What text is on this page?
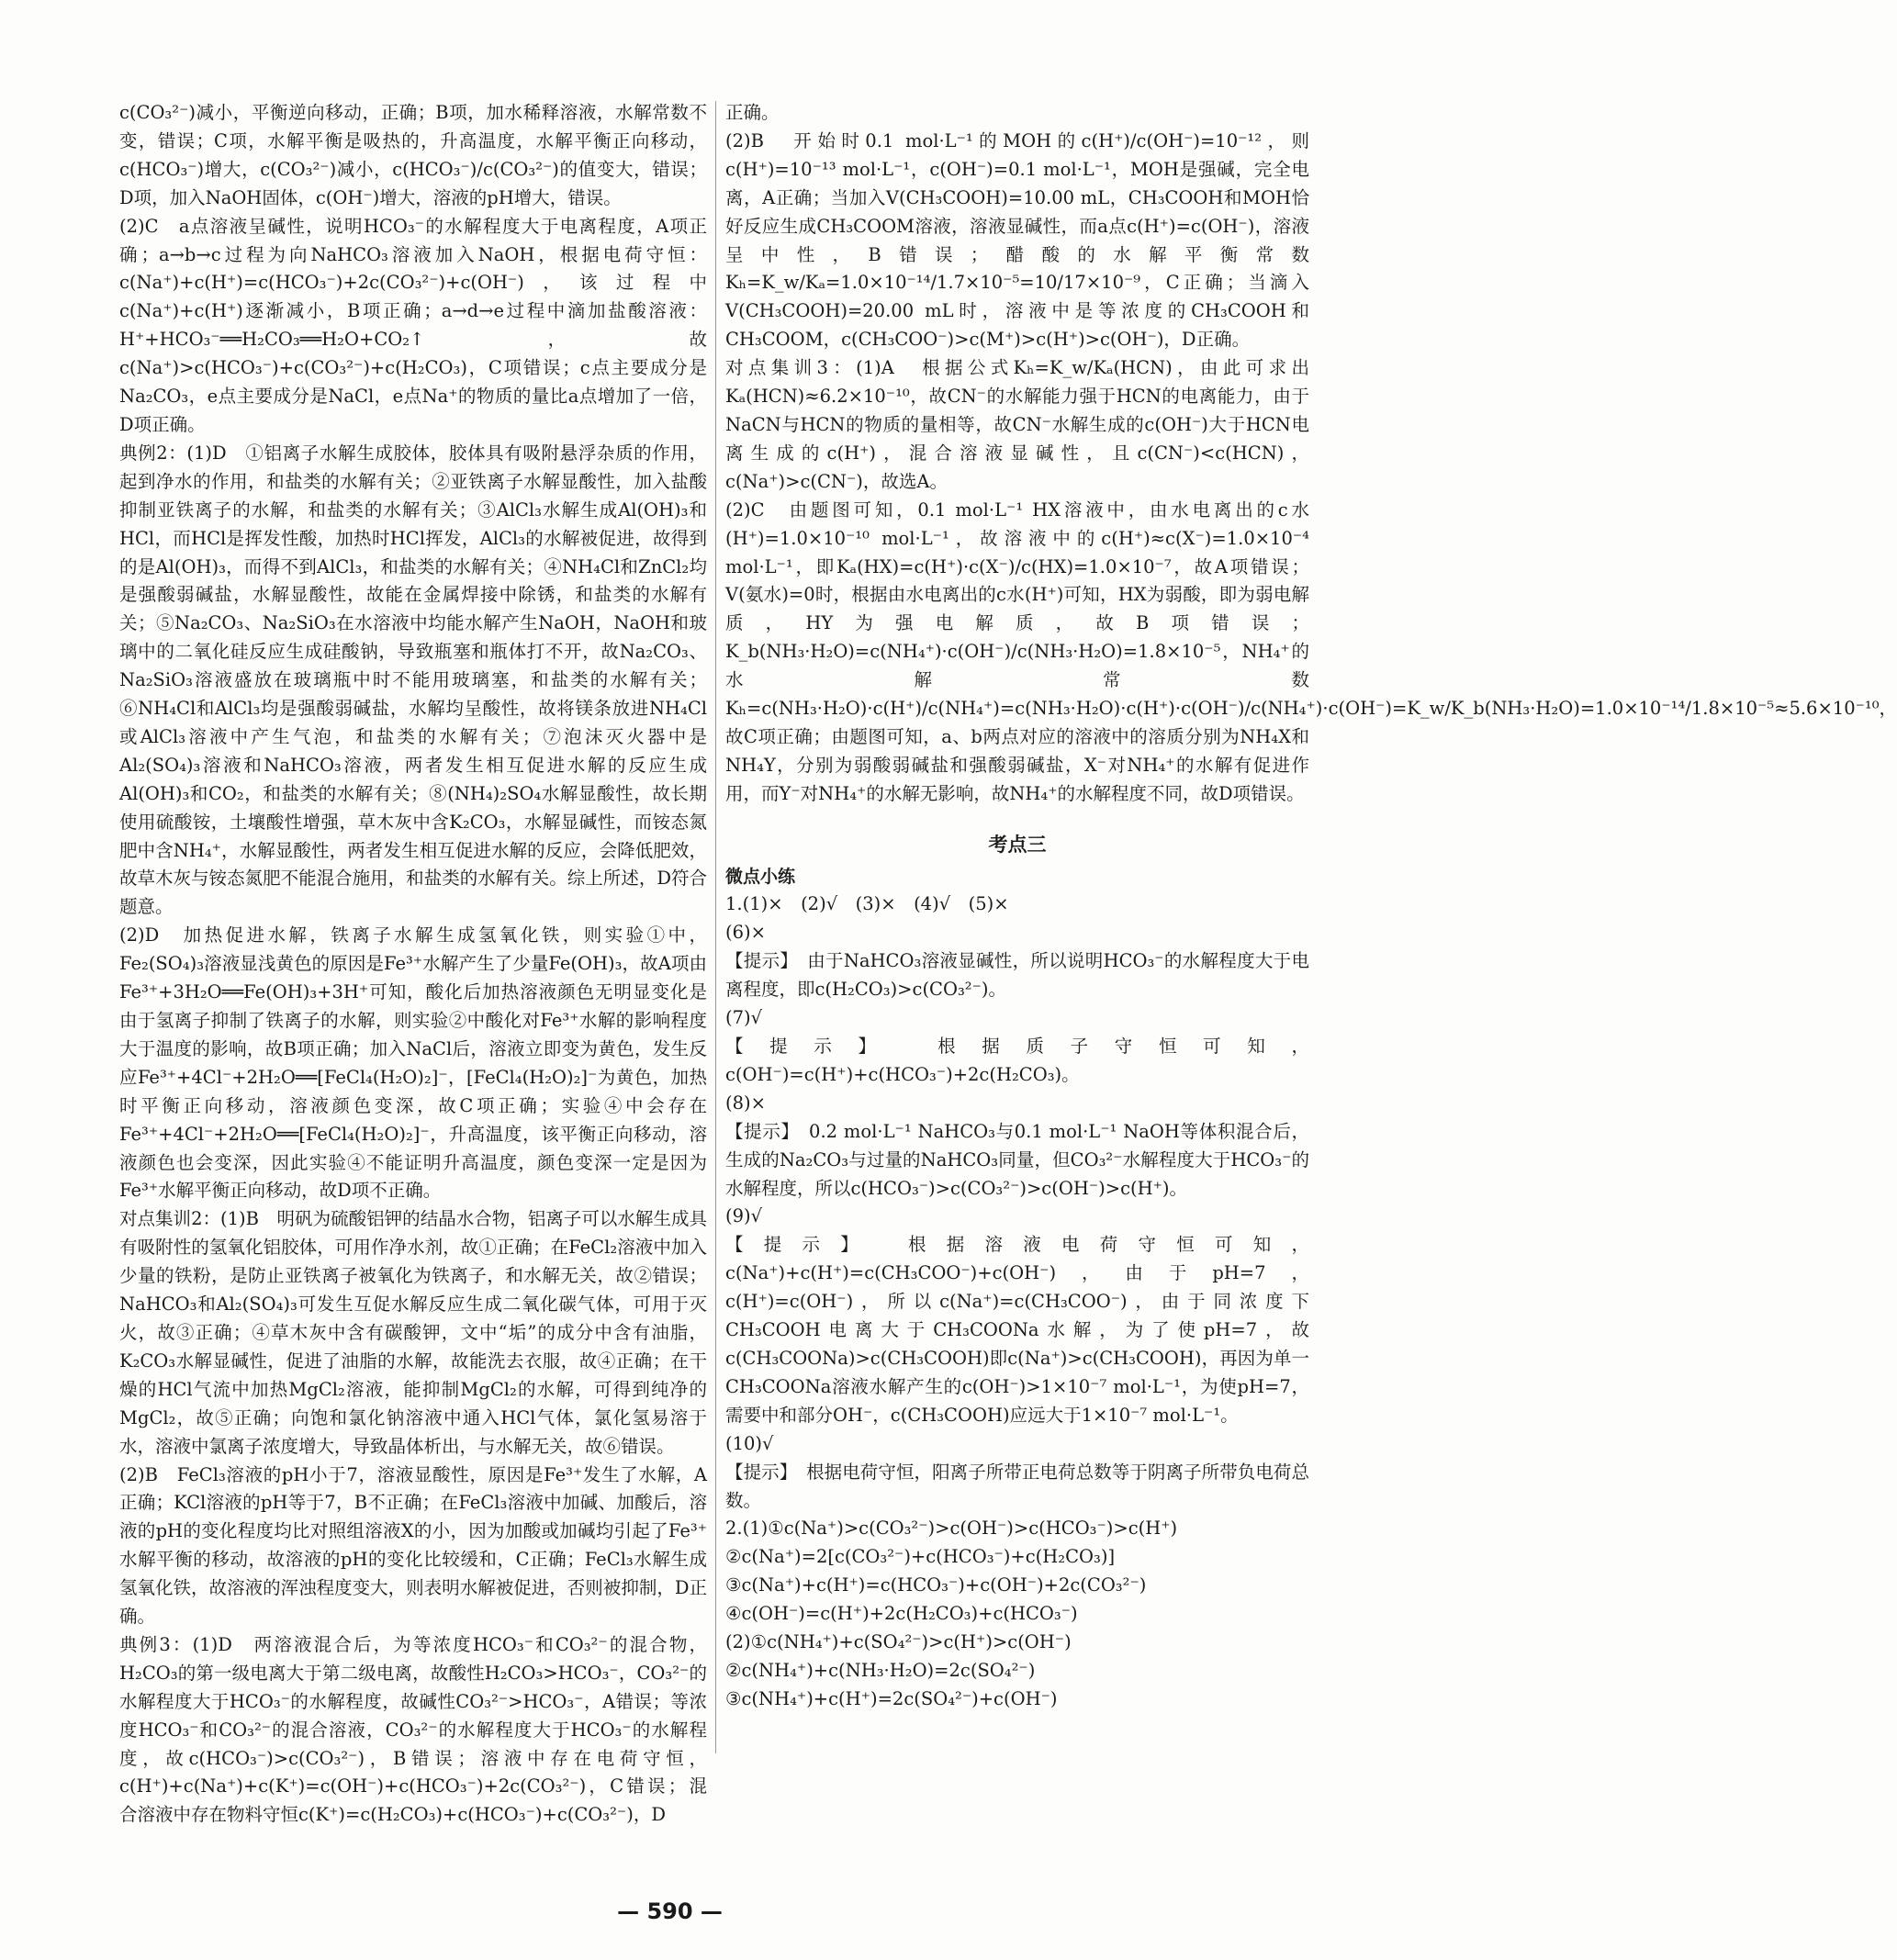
c(CO₃²⁻)减小，平衡逆向移动，正确；B项，加水稀释溶液，水解常数不变，错误；C项，水解平衡是吸热的，升高温度，水解平衡正向移动，c(HCO₃⁻)增大，c(CO₃²⁻)减小，c(HCO₃⁻)/c(CO₃²⁻)的值变大，错误；D项，加入NaOH固体，c(OH⁻)增大，溶液的pH增大，错误。

(2)C　a点溶液呈碱性，说明HCO₃⁻的水解程度大于电离程度，A项正确；a→b→c过程为向NaHCO₃溶液加入NaOH，根据电荷守恒：c(Na⁺)+c(H⁺)=c(HCO₃⁻)+2c(CO₃²⁻)+c(OH⁻)，该过程中c(Na⁺)+c(H⁺)逐渐减小，B项正确；a→d→e过程中滴加盐酸溶液：H⁺+HCO₃⁻══H₂CO₃══H₂O+CO₂↑，故c(Na⁺)>c(HCO₃⁻)+c(CO₃²⁻)+c(H₂CO₃)，C项错误；c点主要成分是Na₂CO₃，e点主要成分是NaCl，e点Na⁺的物质的量比a点增加了一倍，D项正确。

典例2：(1)D　①铝离子水解生成胶体，胶体具有吸附悬浮杂质的作用，起到净水的作用，和盐类的水解有关；②亚铁离子水解显酸性，加入盐酸抑制亚铁离子的水解，和盐类的水解有关；③AlCl₃水解生成Al(OH)₃和HCl，而HCl是挥发性酸，加热时HCl挥发，AlCl₃的水解被促进，故得到的是Al(OH)₃，而得不到AlCl₃，和盐类的水解有关；④NH₄Cl和ZnCl₂均是强酸弱碱盐，水解显酸性，故能在金属焊接中除锈，和盐类的水解有关；⑤Na₂CO₃、Na₂SiO₃在水溶液中均能水解产生NaOH，NaOH和玻璃中的二氧化硅反应生成硅酸钠，导致瓶塞和瓶体打不开，故Na₂CO₃、Na₂SiO₃溶液盛放在玻璃瓶中时不能用玻璃塞，和盐类的水解有关；⑥NH₄Cl和AlCl₃均是强酸弱碱盐，水解均呈酸性，故将镁条放进NH₄Cl或AlCl₃溶液中产生气泡，和盐类的水解有关；⑦泡沫灭火器中是Al₂(SO₄)₃溶液和NaHCO₃溶液，两者发生相互促进水解的反应生成Al(OH)₃和CO₂，和盐类的水解有关；⑧(NH₄)₂SO₄水解显酸性，故长期使用硫酸铵，土壤酸性增强，草木灰中含K₂CO₃，水解显碱性，而铵态氮肥中含NH₄⁺，水解显酸性，两者发生相互促进水解的反应，会降低肥效，故草木灰与铵态氮肥不能混合施用，和盐类的水解有关。综上所述，D符合题意。

(2)D　加热促进水解，铁离子水解生成氢氧化铁，则实验①中，Fe₂(SO₄)₃溶液显浅黄色的原因是Fe³⁺水解产生了少量Fe(OH)₃，故A项由Fe³⁺+3H₂O══Fe(OH)₃+3H⁺可知，酸化后加热溶液颜色无明显变化是由于氢离子抑制了铁离子的水解，则实验②中酸化对Fe³⁺水解的影响程度大于温度的影响，故B项正确；加入NaCl后，溶液立即变为黄色，发生反应Fe³⁺+4Cl⁻+2H₂O══[FeCl₄(H₂O)₂]⁻，[FeCl₄(H₂O)₂]⁻为黄色，加热时平衡正向移动，溶液颜色变深，故C项正确；实验④中会存在Fe³⁺+4Cl⁻+2H₂O══[FeCl₄(H₂O)₂]⁻，升高温度，该平衡正向移动，溶液颜色也会变深，因此实验④不能证明升高温度，颜色变深一定是因为Fe³⁺水解平衡正向移动，故D项不正确。

对点集训2：(1)B　明矾为硫酸铝钾的结晶水合物，铝离子可以水解生成具有吸附性的氢氧化铝胶体，可用作净水剂，故①正确；在FeCl₂溶液中加入少量的铁粉，是防止亚铁离子被氧化为铁离子，和水解无关，故②错误；NaHCO₃和Al₂(SO₄)₃可发生互促水解反应生成二氧化碳气体，可用于灭火，故③正确；④草木灰中含有碳酸钾，文中“垢”的成分中含有油脂，K₂CO₃水解显碱性，促进了油脂的水解，故能洗去衣服，故④正确；在干燥的HCl气流中加热MgCl₂溶液，能抑制MgCl₂的水解，可得到纯净的MgCl₂，故⑤正确；向饱和氯化钠溶液中通入HCl气体，氯化氢易溶于水，溶液中氯离子浓度增大，导致晶体析出，与水解无关，故⑥错误。

(2)B　FeCl₃溶液的pH小于7，溶液显酸性，原因是Fe³⁺发生了水解，A正确；KCl溶液的pH等于7，B不正确；在FeCl₃溶液中加碱、加酸后，溶液的pH的变化程度均比对照组溶液X的小，因为加酸或加碱均引起了Fe³⁺水解平衡的移动，故溶液的pH的变化比较缓和，C正确；FeCl₃水解生成氢氧化铁，故溶液的浑浊程度变大，则表明水解被促进，否则被抑制，D正确。

典例3：(1)D　两溶液混合后，为等浓度HCO₃⁻和CO₃²⁻的混合物，H₂CO₃的第一级电离大于第二级电离，故酸性H₂CO₃>HCO₃⁻，CO₃²⁻的水解程度大于HCO₃⁻的水解程度，故碱性CO₃²⁻>HCO₃⁻，A错误；等浓度HCO₃⁻和CO₃²⁻的混合溶液，CO₃²⁻的水解程度大于HCO₃⁻的水解程度，故c(HCO₃⁻)>c(CO₃²⁻)，B错误；溶液中存在电荷守恒，c(H⁺)+c(Na⁺)+c(K⁺)=c(OH⁻)+c(HCO₃⁻)+2c(CO₃²⁻)，C错误；混合溶液中存在物料守恒c(K⁺)=c(H₂CO₃)+c(HCO₃⁻)+c(CO₃²⁻)，D

正确。

(2)B　开始时0.1 mol·L⁻¹的MOH的c(H⁺)/c(OH⁻)=10⁻¹²，则c(H⁺)=10⁻¹³ mol·L⁻¹，c(OH⁻)=0.1 mol·L⁻¹，MOH是强碱，完全电离，A正确；当加入V(CH₃COOH)=10.00 mL，CH₃COOH和MOH恰好反应生成CH₃COOM溶液，溶液显碱性，而a点c(H⁺)=c(OH⁻)，溶液呈中性，B错误；醋酸的水解平衡常数Kₕ=K_w/Kₐ=1.0×10⁻¹⁴/1.7×10⁻⁵=10/17×10⁻⁹，C正确；当滴入V(CH₃COOH)=20.00 mL时，溶液中是等浓度的CH₃COOH和CH₃COOM，c(CH₃COO⁻)>c(M⁺)>c(H⁺)>c(OH⁻)，D正确。

对点集训3：(1)A　根据公式Kₕ=K_w/Kₐ(HCN)，由此可求出Kₐ(HCN)≈6.2×10⁻¹⁰，故CN⁻的水解能力强于HCN的电离能力，由于NaCN与HCN的物质的量相等，故CN⁻水解生成的c(OH⁻)大于HCN电离生成的c(H⁺)，混合溶液显碱性，且c(CN⁻)<c(HCN)，c(Na⁺)>c(CN⁻)，故选A。

(2)C　由题图可知，0.1 mol·L⁻¹ HX溶液中，由水电离出的c水(H⁺)=1.0×10⁻¹⁰ mol·L⁻¹，故溶液中的c(H⁺)≈c(X⁻)=1.0×10⁻⁴ mol·L⁻¹，即Kₐ(HX)=c(H⁺)·c(X⁻)/c(HX)=1.0×10⁻⁷，故A项错误；V(氨水)=0时，根据由水电离出的c水(H⁺)可知，HX为弱酸，即为弱电解质，HY为强电解质，故B项错误；K_b(NH₃·H₂O)=c(NH₄⁺)·c(OH⁻)/c(NH₃·H₂O)=1.8×10⁻⁵，NH₄⁺的水解常数Kₕ=c(NH₃·H₂O)·c(H⁺)/c(NH₄⁺)=c(NH₃·H₂O)·c(H⁺)·c(OH⁻)/c(NH₄⁺)·c(OH⁻)=K_w/K_b(NH₃·H₂O)=1.0×10⁻¹⁴/1.8×10⁻⁵≈5.6×10⁻¹⁰，故C项正确；由题图可知，a、b两点对应的溶液中的溶质分别为NH₄X和NH₄Y，分别为弱酸弱碱盐和强酸弱碱盐，X⁻对NH₄⁺的水解有促进作用，而Y⁻对NH₄⁺的水解无影响，故NH₄⁺的水解程度不同，故D项错误。

考点三
微点小练

1.(1)×　(2)√　(3)×　(4)√　(5)×

(6)×

【提示】　由于NaHCO₃溶液显碱性，所以说明HCO₃⁻的水解程度大于电离程度，即c(H₂CO₃)>c(CO₃²⁻)。

(7)√

【提示】　根据质子守恒可知，c(OH⁻)=c(H⁺)+c(HCO₃⁻)+2c(H₂CO₃)。

(8)×

【提示】　0.2 mol·L⁻¹ NaHCO₃与0.1 mol·L⁻¹ NaOH等体积混合后，生成的Na₂CO₃与过量的NaHCO₃同量，但CO₃²⁻水解程度大于HCO₃⁻的水解程度，所以c(HCO₃⁻)>c(CO₃²⁻)>c(OH⁻)>c(H⁺)。

(9)√

【提示】　根据溶液电荷守恒可知，c(Na⁺)+c(H⁺)=c(CH₃COO⁻)+c(OH⁻)，由于pH=7，c(H⁺)=c(OH⁻)，所以c(Na⁺)=c(CH₃COO⁻)，由于同浓度下CH₃COOH电离大于CH₃COONa水解，为了使pH=7，故c(CH₃COONa)>c(CH₃COOH)即c(Na⁺)>c(CH₃COOH)，再因为单一CH₃COONa溶液水解产生的c(OH⁻)>1×10⁻⁷ mol·L⁻¹，为使pH=7，需要中和部分OH⁻，c(CH₃COOH)应远大于1×10⁻⁷ mol·L⁻¹。

(10)√

【提示】　根据电荷守恒，阳离子所带正电荷总数等于阴离子所带负电荷总数。

2.(1)①c(Na⁺)>c(CO₃²⁻)>c(OH⁻)>c(HCO₃⁻)>c(H⁺)

②c(Na⁺)=2[c(CO₃²⁻)+c(HCO₃⁻)+c(H₂CO₃)]

③c(Na⁺)+c(H⁺)=c(HCO₃⁻)+c(OH⁻)+2c(CO₃²⁻)

④c(OH⁻)=c(H⁺)+2c(H₂CO₃)+c(HCO₃⁻)

(2)①c(NH₄⁺)+c(SO₄²⁻)>c(H⁺)>c(OH⁻)

②c(NH₄⁺)+c(NH₃·H₂O)=2c(SO₄²⁻)

③c(NH₄⁺)+c(H⁺)=2c(SO₄²⁻)+c(OH⁻)

— 590 —
